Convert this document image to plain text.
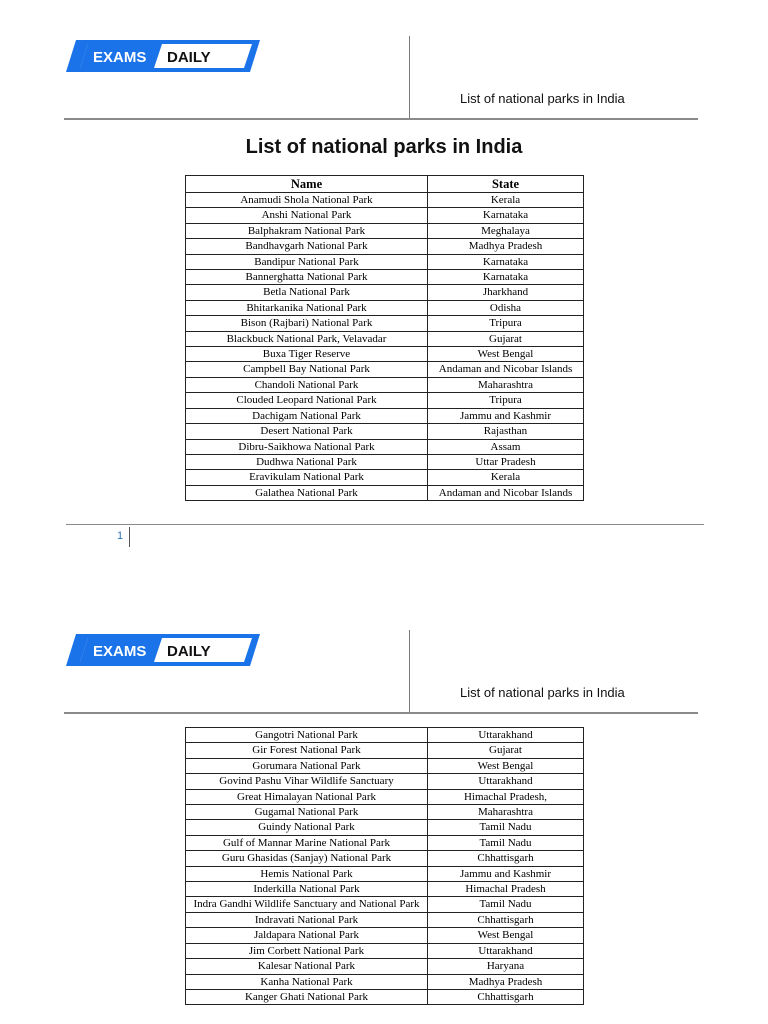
EXAMS DAILY
List of national parks in India
List of national parks in India
Name	State
Anamudi Shola National Park	Kerala
Anshi National Park	Karnataka
Balphakram National Park	Meghalaya
Bandhavgarh National Park	Madhya Pradesh
Bandipur National Park	Karnataka
Bannerghatta National Park	Karnataka
Betla National Park	Jharkhand
Bhitarkanika National Park	Odisha
Bison (Rajbari) National Park	Tripura
Blackbuck National Park, Velavadar	Gujarat
Buxa Tiger Reserve	West Bengal
Campbell Bay National Park	Andaman and Nicobar Islands
Chandoli National Park	Maharashtra
Clouded Leopard National Park	Tripura
Dachigam National Park	Jammu and Kashmir
Desert National Park	Rajasthan
Dibru-Saikhowa National Park	Assam
Dudhwa National Park	Uttar Pradesh
Eravikulam National Park	Kerala
Galathea National Park	Andaman and Nicobar Islands
1
EXAMS DAILY
List of national parks in India
Gangotri National Park	Uttarakhand
Gir Forest National Park	Gujarat
Gorumara National Park	West Bengal
Govind Pashu Vihar Wildlife Sanctuary	Uttarakhand
Great Himalayan National Park	Himachal Pradesh,
Gugamal National Park	Maharashtra
Guindy National Park	Tamil Nadu
Gulf of Mannar Marine National Park	Tamil Nadu
Guru Ghasidas (Sanjay) National Park	Chhattisgarh
Hemis National Park	Jammu and Kashmir
Inderkilla National Park	Himachal Pradesh
Indra Gandhi Wildlife Sanctuary and National Park	Tamil Nadu
Indravati National Park	Chhattisgarh
Jaldapara National Park	West Bengal
Jim Corbett National Park	Uttarakhand
Kalesar National Park	Haryana
Kanha National Park	Madhya Pradesh
Kanger Ghati National Park	Chhattisgarh
